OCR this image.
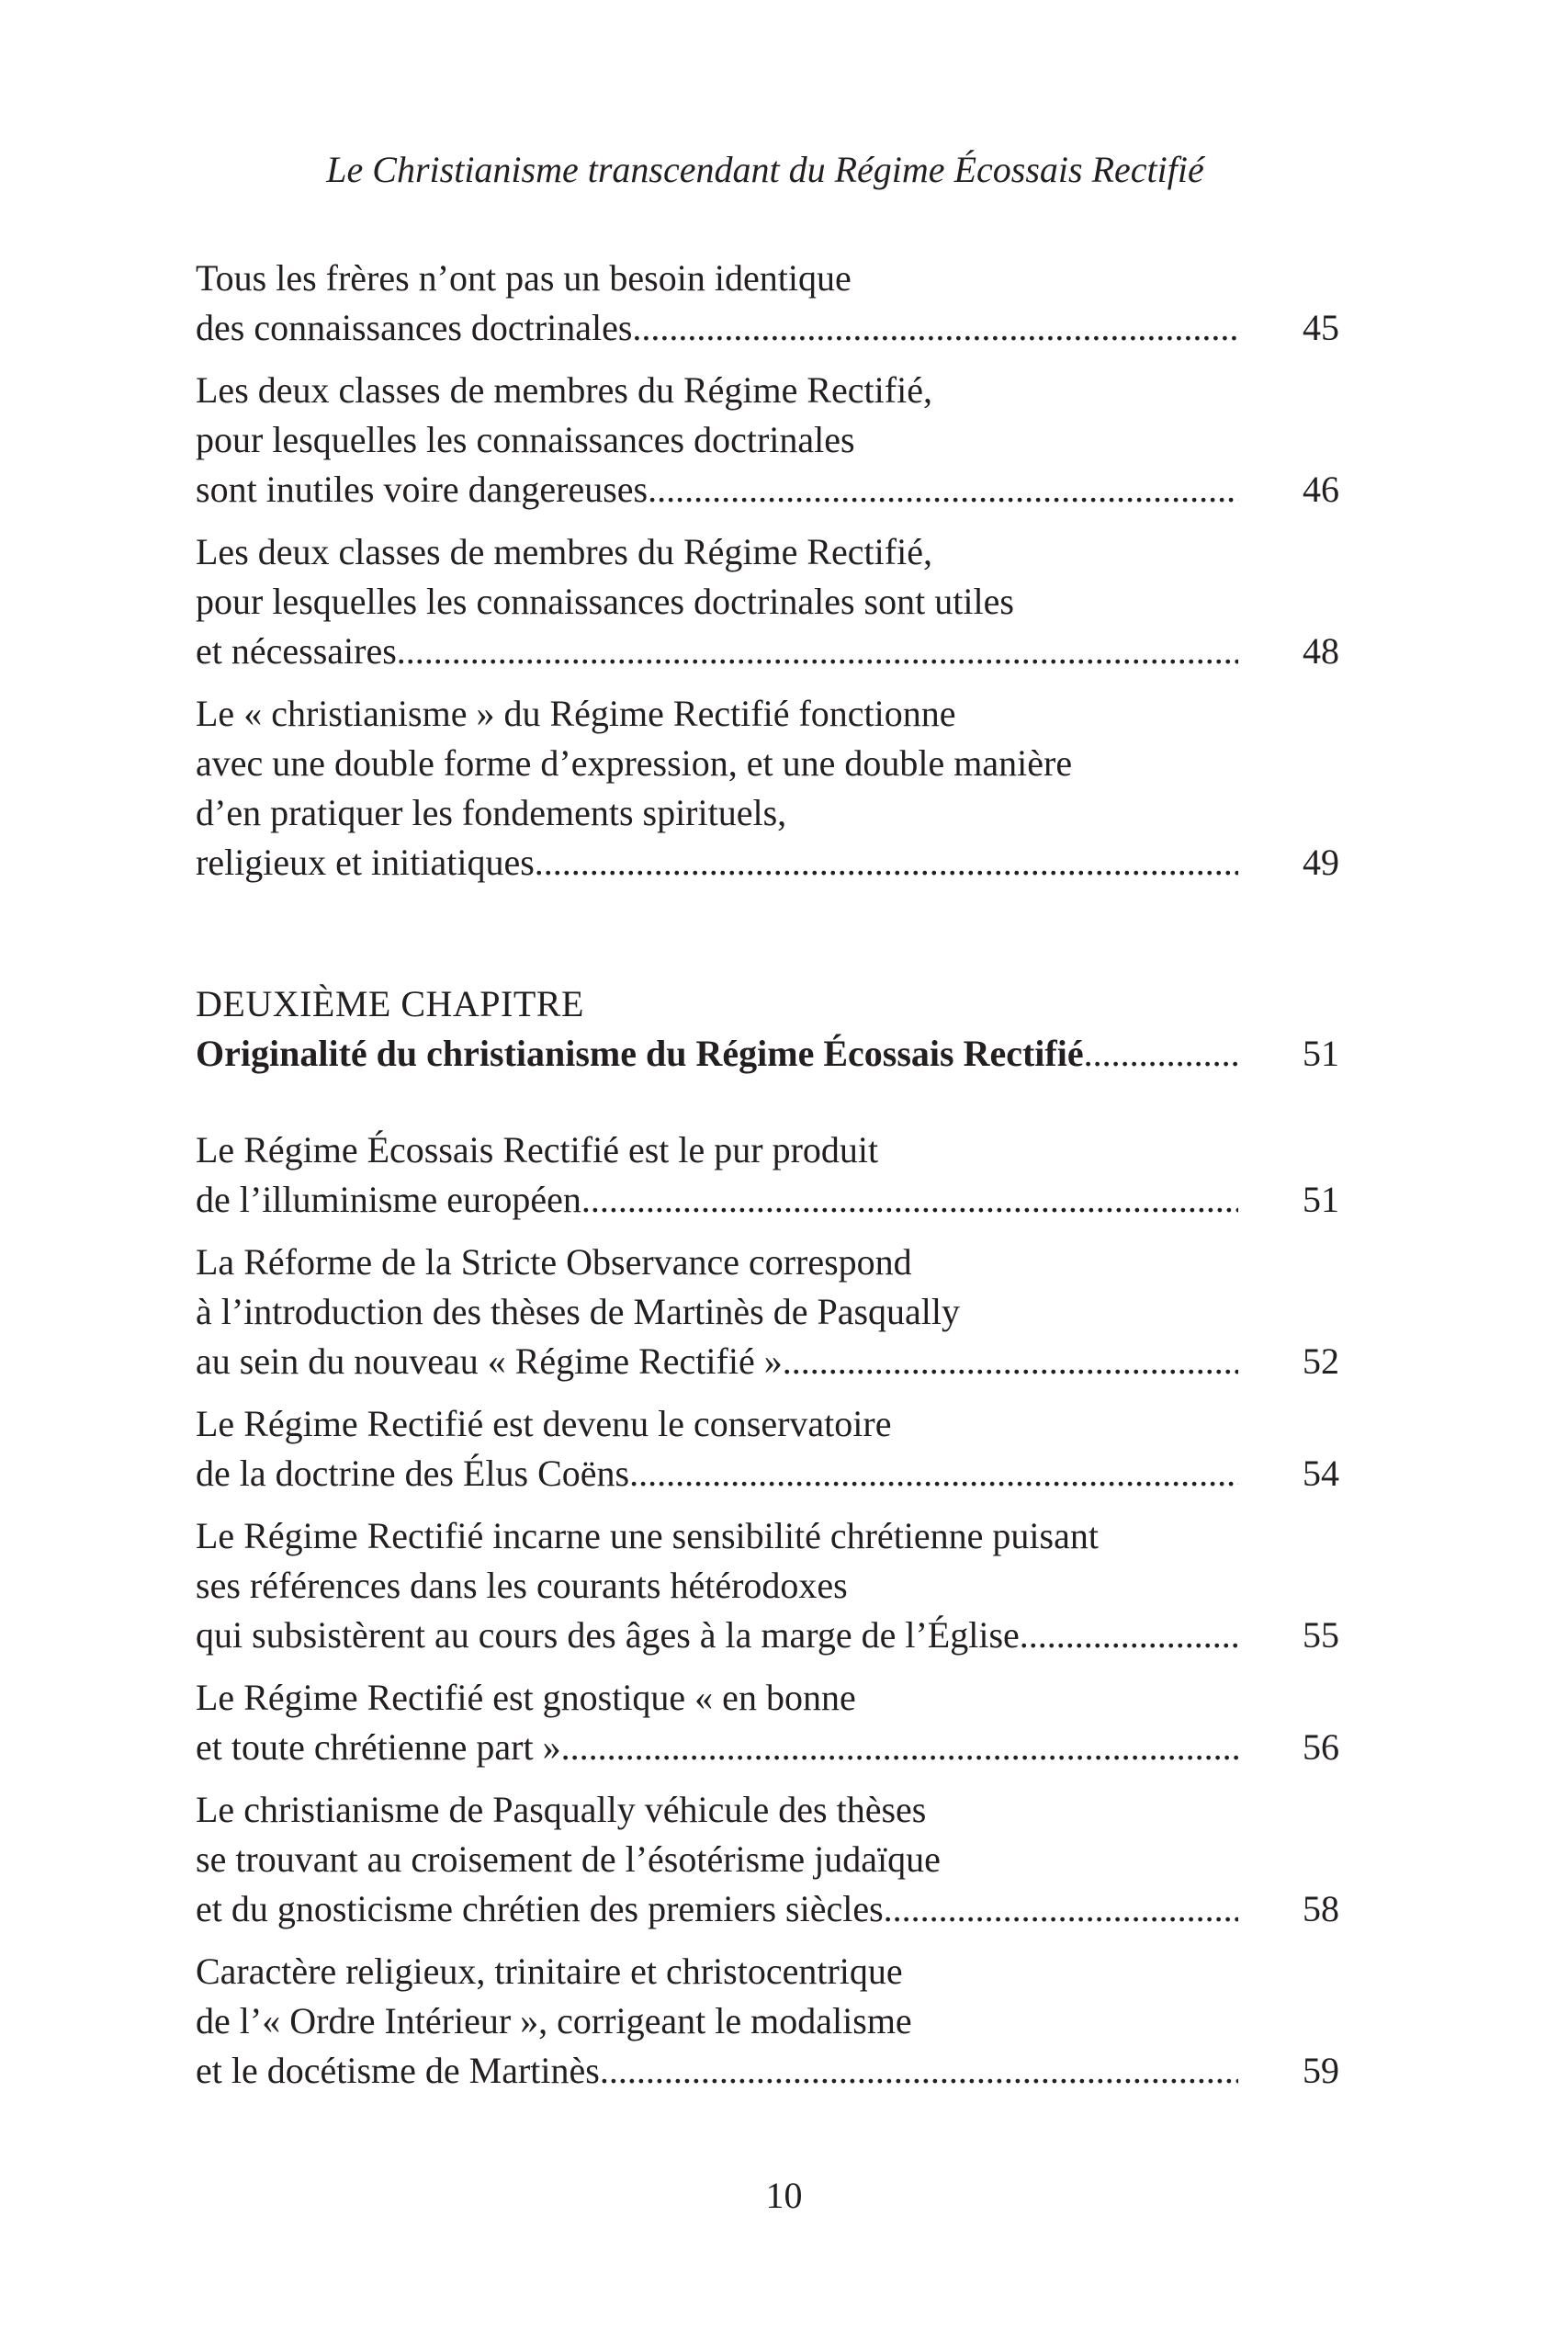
Le Christianisme transcendant du Régime Écossais Rectifié
Tous les frères n’ont pas un besoin identique
des connaissances doctrinales .....	45
Les deux classes de membres du Régime Rectifié,
pour lesquelles les connaissances doctrinales
sont inutiles voire dangereuses .....	46
Les deux classes de membres du Régime Rectifié,
pour lesquelles les connaissances doctrinales sont utiles
et nécessaires .....	48
Le « christianisme » du Régime Rectifié fonctionne
avec une double forme d’expression, et une double manière
d’en pratiquer les fondements spirituels,
religieux et initiatiques .....	49
DEUXIÈME CHAPITRE
Originalité du christianisme du Régime Écossais Rectifié .....	51
Le Régime Écossais Rectifié est le pur produit
de l’illuminisme européen .....	51
La Réforme de la Stricte Observance correspond
à l’introduction des thèses de Martinès de Pasqually
au sein du nouveau « Régime Rectifié » .....	52
Le Régime Rectifié est devenu le conservatoire
de la doctrine des Élus Coëns .....	54
Le Régime Rectifié incarne une sensibilité chrétienne puisant
ses références dans les courants hétérodoxes
qui subsistèrent au cours des âges à la marge de l’Église .....	55
Le Régime Rectifié est gnostique « en bonne
et toute chrétienne part » .....	56
Le christianisme de Pasqually véhicule des thèses
se trouvant au croisement de l’ésotérisme judaïque
et du gnosticisme chrétien des premiers siècles .....	58
Caractère religieux, trinitaire et christocentrique
de l’« Ordre Intérieur », corrigeant le modalisme
et le docétisme de Martinès .....	59
10
